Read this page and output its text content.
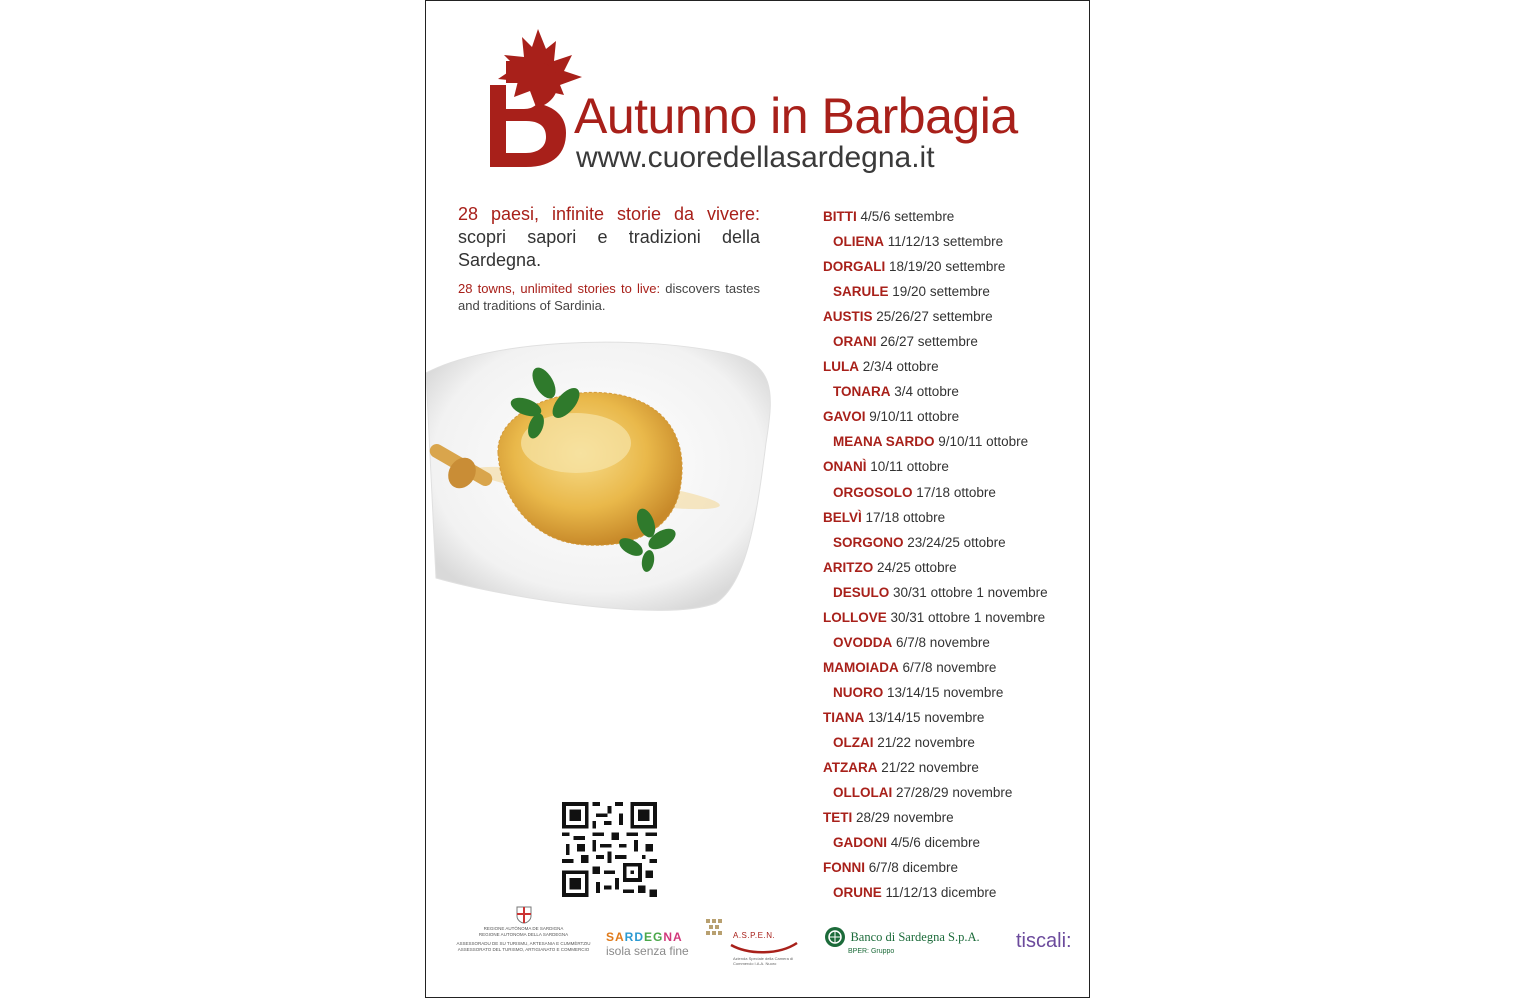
Autunno in Barbagia
www.cuoredellasardegna.it

28 paesi, infinite storie da vivere: scopri sapori e tradizioni della Sardegna.

28 towns, unlimited stories to live: discovers tastes and traditions of Sardinia.
BITTI 4/5/6 settembre
OLIENA 11/12/13 settembre
DORGALI 18/19/20 settembre
SARULE 19/20 settembre
AUSTIS 25/26/27 settembre
ORANI 26/27 settembre
LULA 2/3/4 ottobre
TONARA 3/4 ottobre
GAVOI 9/10/11 ottobre
MEANA SARDO 9/10/11 ottobre
ONANÌ 10/11 ottobre
ORGOSOLO 17/18 ottobre
BELVÌ 17/18 ottobre
SORGONO 23/24/25 ottobre
ARITZO 24/25 ottobre
DESULO 30/31 ottobre 1 novembre
LOLLOVE 30/31 ottobre 1 novembre
OVODDA 6/7/8 novembre
MAMOIADA 6/7/8 novembre
NUORO 13/14/15 novembre
TIANA 13/14/15 novembre
OLZAI 21/22 novembre
ATZARA 21/22 novembre
OLLOLAI 27/28/29 novembre
TETI 28/29 novembre
GADONI 4/5/6 dicembre
FONNI 6/7/8 dicembre
ORUNE 11/12/13 dicembre
REGIONE AUTÒNOMA DE SARDIGNA
REGIONE AUTONOMA DELLA SARDEGNA
ASSESSORADU DE SU TURISMU, ARTESANIA E CUMMÈRTZIU
ASSESSORATO DEL TURISMO, ARTIGIANATO E COMMERCIO
SARDEGNA
isola senza fine
A.S.P.E.N.
Azienda Speciale della Camera di Commercio I.A.A. Nuoro
Banco di Sardegna S.p.A.
BPER: Gruppo	tiscali:
